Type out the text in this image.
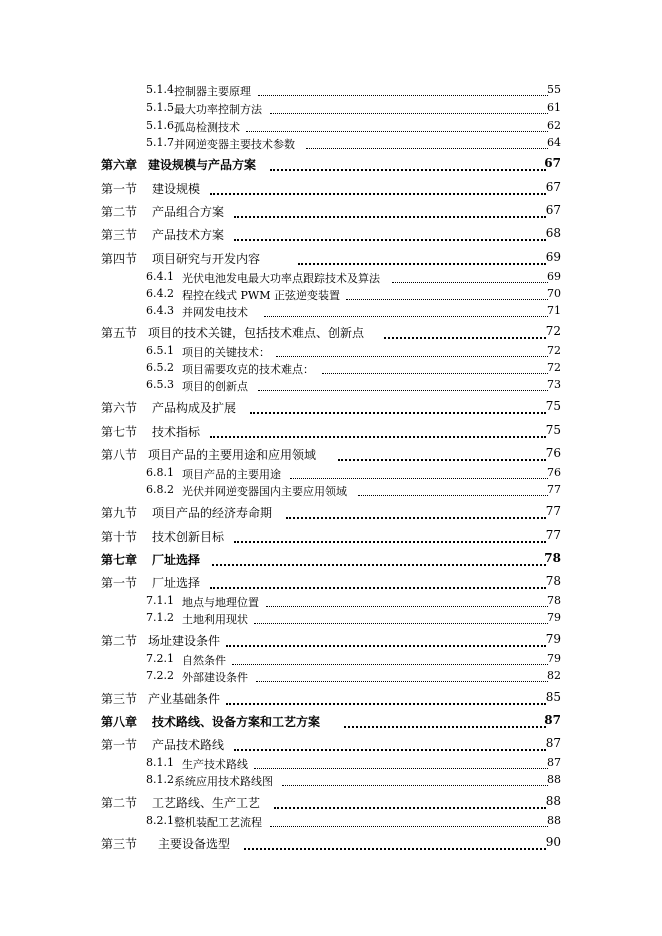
5.1.4 控制器主要原理	55
5.1.5 最大功率控制方法	61
5.1.6 孤岛检测技术	62
5.1.7 并网逆变器主要技术参数	64
第六章 建设规模与产品方案	67
第一节 建设规模	67
第二节 产品组合方案	67
第三节 产品技术方案	68
第四节 项目研究与开发内容	69
6.4.1 光伏电池发电最大功率点跟踪技术及算法	69
6.4.2 程控在线式 PWM 正弦逆变装置	70
6.4.3 并网发电技术	71
第五节 项目的技术关键，包括技术难点、创新点	72
6.5.1 项目的关键技术：	72
6.5.2 项目需要攻克的技术难点：	72
6.5.3 项目的创新点	73
第六节 产品构成及扩展	75
第七节 技术指标	75
第八节 项目产品的主要用途和应用领域	76
6.8.1 项目产品的主要用途	76
6.8.2 光伏并网逆变器国内主要应用领域	77
第九节 项目产品的经济寿命期	77
第十节 技术创新目标	77
第七章 厂址选择	78
第一节 厂址选择	78
7.1.1 地点与地理位置	78
7.1.2 土地利用现状	79
第二节 场址建设条件	79
7.2.1 自然条件	79
7.2.2 外部建设条件	82
第三节 产业基础条件	85
第八章 技术路线、设备方案和工艺方案	87
第一节 产品技术路线	87
8.1.1 生产技术路线	87
8.1.2 系统应用技术路线图	88
第二节 工艺路线、生产工艺	88
8.2.1 整机装配工艺流程	88
第三节 主要设备选型	90
